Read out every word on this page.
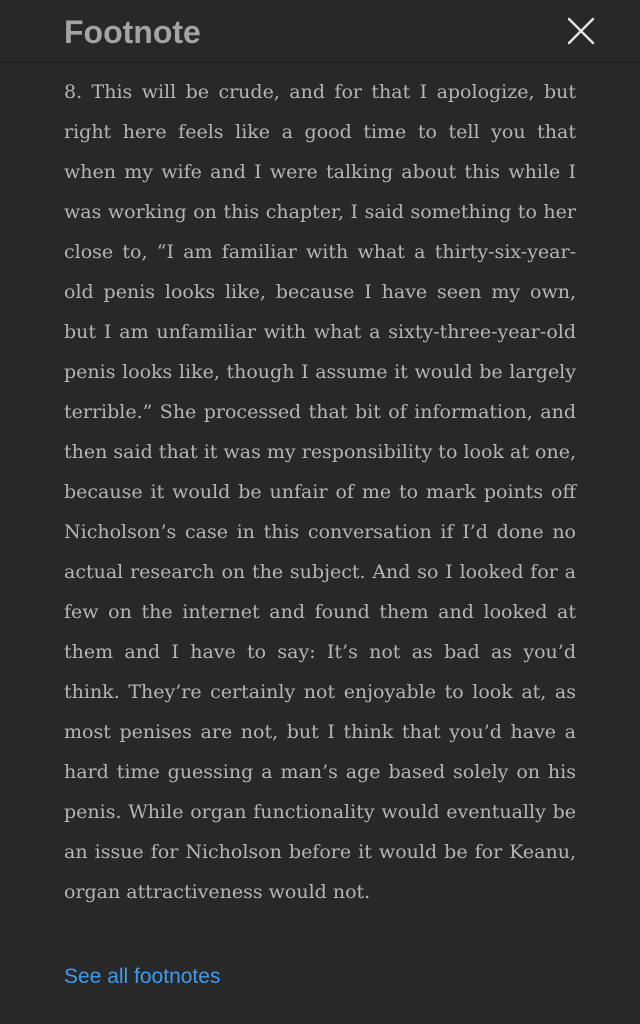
Footnote

8. This will be crude, and for that I apologize, but right here feels like a good time to tell you that when my wife and I were talking about this while I was working on this chapter, I said something to her close to, “I am familiar with what a thirty-six-year-old penis looks like, because I have seen my own, but I am unfamiliar with what a sixty-three-year-old penis looks like, though I assume it would be largely terrible.” She processed that bit of information, and then said that it was my responsibility to look at one, because it would be unfair of me to mark points off Nicholson’s case in this conversation if I’d done no actual research on the subject. And so I looked for a few on the internet and found them and looked at them and I have to say: It’s not as bad as you’d think. They’re certainly not enjoyable to look at, as most penises are not, but I think that you’d have a hard time guessing a man’s age based solely on his penis. While organ functionality would eventually be an issue for Nicholson before it would be for Keanu, organ attractiveness would not.

See all footnotes
